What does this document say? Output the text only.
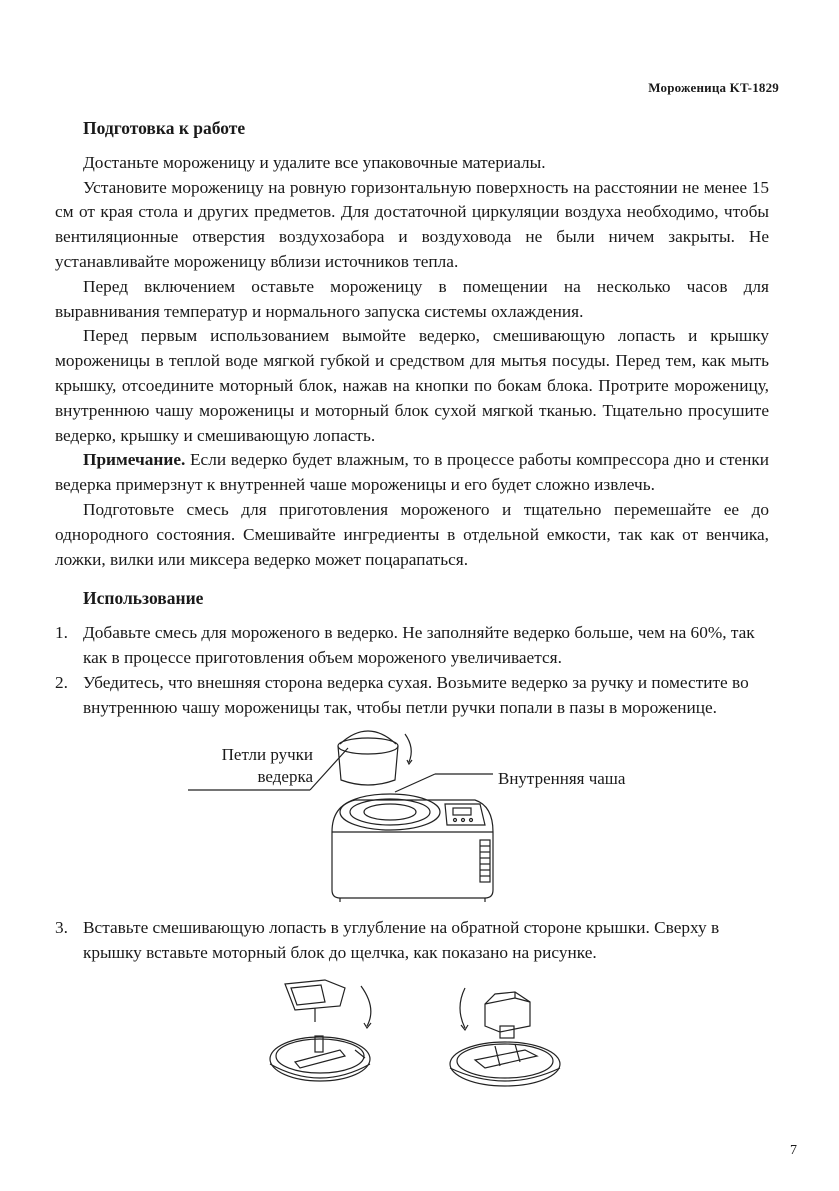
Мороженица KT-1829
Подготовка к работе

Достаньте мороженицу и удалите все упаковочные материалы.

Установите мороженицу на ровную горизонтальную поверхность на расстоянии не менее 15 см от края стола и других предметов. Для достаточной циркуляции воздуха необходимо, чтобы вентиляционные отверстия воздухозабора и воздуховода не были ничем закрыты. Не устанавливайте мороженицу вблизи источников тепла.

Перед включением оставьте мороженицу в помещении на несколько часов для выравнивания температур и нормального запуска системы охлаждения.

Перед первым использованием вымойте ведерко, смешивающую лопасть и крышку мороженицы в теплой воде мягкой губкой и средством для мытья посуды. Перед тем, как мыть крышку, отсоедините моторный блок, нажав на кнопки по бокам блока. Протрите мороженицу, внутреннюю чашу мороженицы и моторный блок сухой мягкой тканью. Тщательно просушите ведерко, крышку и смешивающую лопасть.

Примечание. Если ведерко будет влажным, то в процессе работы компрессора дно и стенки ведерка примерзнут к внутренней чаше мороженицы и его будет сложно извлечь.

Подготовьте смесь для приготовления мороженого и тщательно перемешайте ее до однородного состояния. Смешивайте ингредиенты в отдельной емкости, так как от венчика, ложки, вилки или миксера ведерко может поцарапаться.

Использование
1. Добавьте смесь для мороженого в ведерко. Не заполняйте ведерко больше, чем на 60%, так как в процессе приготовления объем мороженого увеличивается.
2. Убедитесь, что внешняя сторона ведерка сухая. Возьмите ведерко за ручку и поместите во внутреннюю чашу мороженицы так, чтобы петли ручки попали в пазы в мороженице.
Петли ручки
ведерка	Внутренняя чаша
3. Вставьте смешивающую лопасть в углубление на обратной стороне крышки. Сверху в крышку вставьте моторный блок до щелчка, как показано на рисунке.
7
